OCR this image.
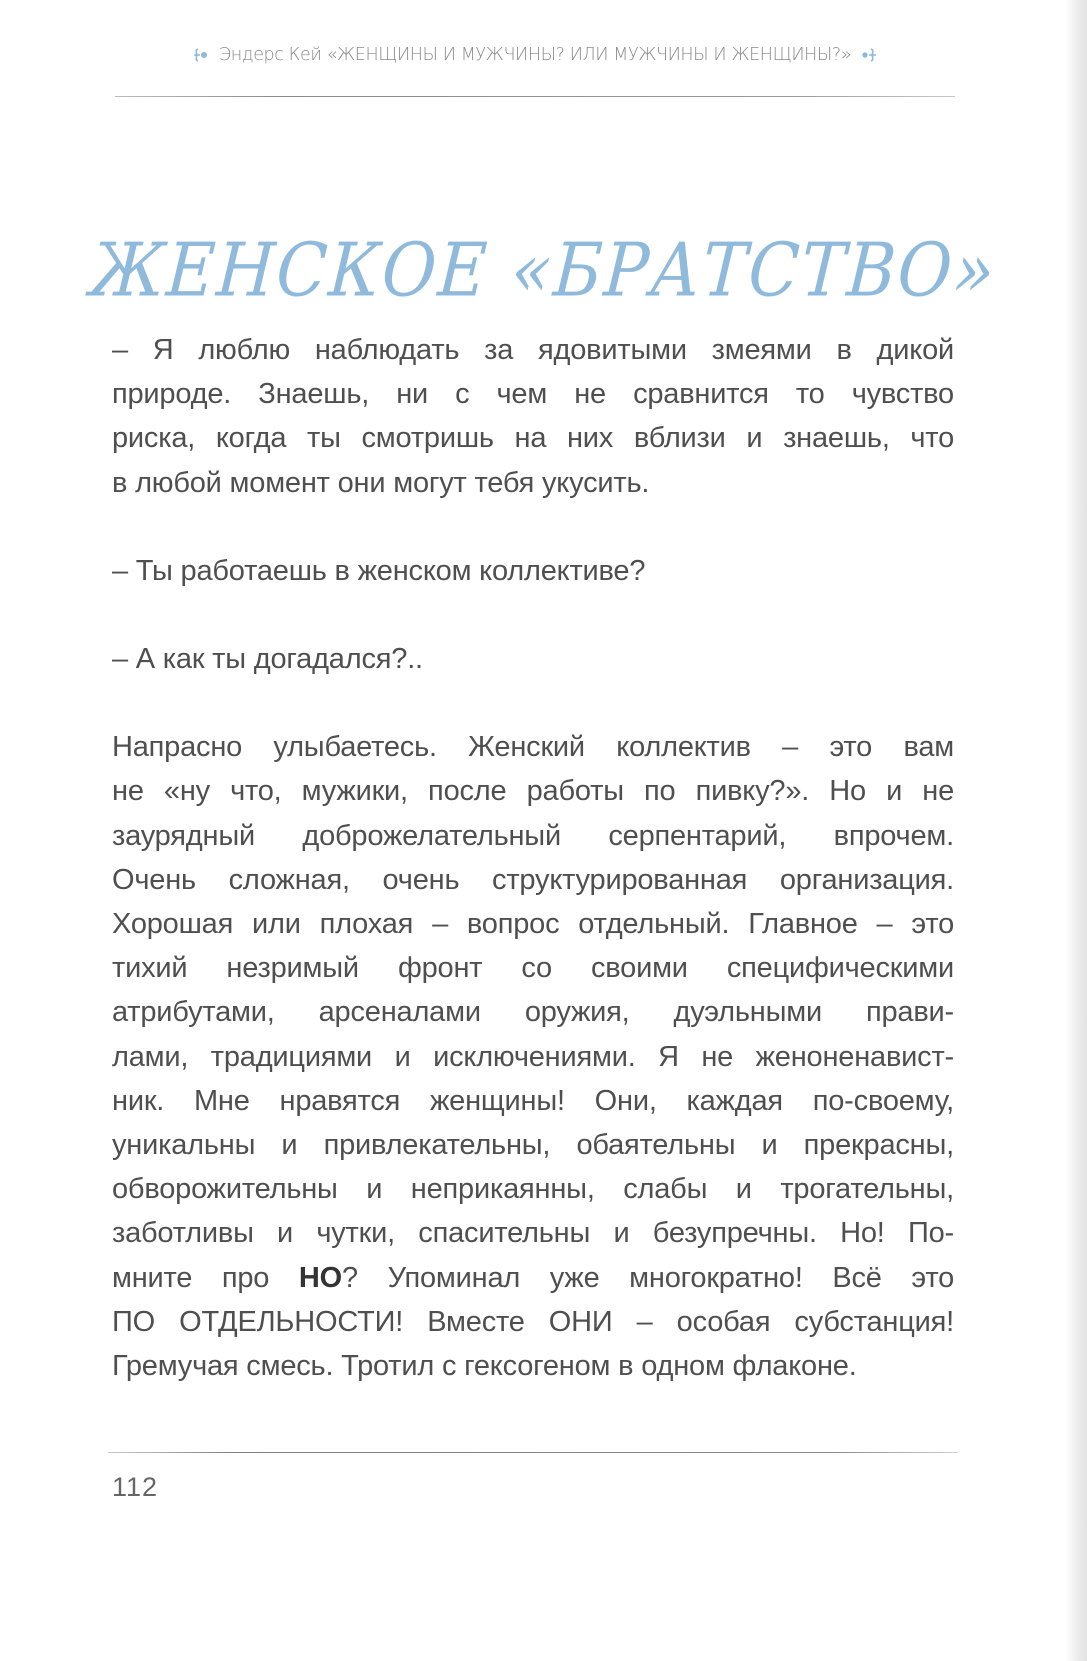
Эндерс Кей «ЖЕНЩИНЫ И МУЖЧИНЫ? ИЛИ МУЖЧИНЫ И ЖЕНЩИНЫ?»
ЖЕНСКОЕ «БРАТСТВО»

– Я люблю наблюдать за ядовитыми змеями в дикой
природе. Знаешь, ни с чем не сравнится то чувство
риска, когда ты смотришь на них вблизи и знаешь, что
в любой момент они могут тебя укусить.

– Ты работаешь в женском коллективе?

– А как ты догадался?..

Напрасно улыбаетесь. Женский коллектив – это вам
не «ну что, мужики, после работы по пивку?». Но и не
заурядный доброжелательный серпентарий, впрочем.
Очень сложная, очень структурированная организация.
Хорошая или плохая – вопрос отдельный. Главное – это
тихий незримый фронт со своими специфическими
атрибутами, арсеналами оружия, дуэльными прави-
лами, традициями и исключениями. Я не женоненавист-
ник. Мне нравятся женщины! Они, каждая по-своему,
уникальны и привлекательны, обаятельны и прекрасны,
обворожительны и неприкаянны, слабы и трогательны,
заботливы и чутки, спасительны и безупречны. Но! По-
мните про НО? Упоминал уже многократно! Всё это
ПО ОТДЕЛЬНОСТИ! Вместе ОНИ – особая субстанция!
Гремучая смесь. Тротил с гексогеном в одном флаконе.

112
